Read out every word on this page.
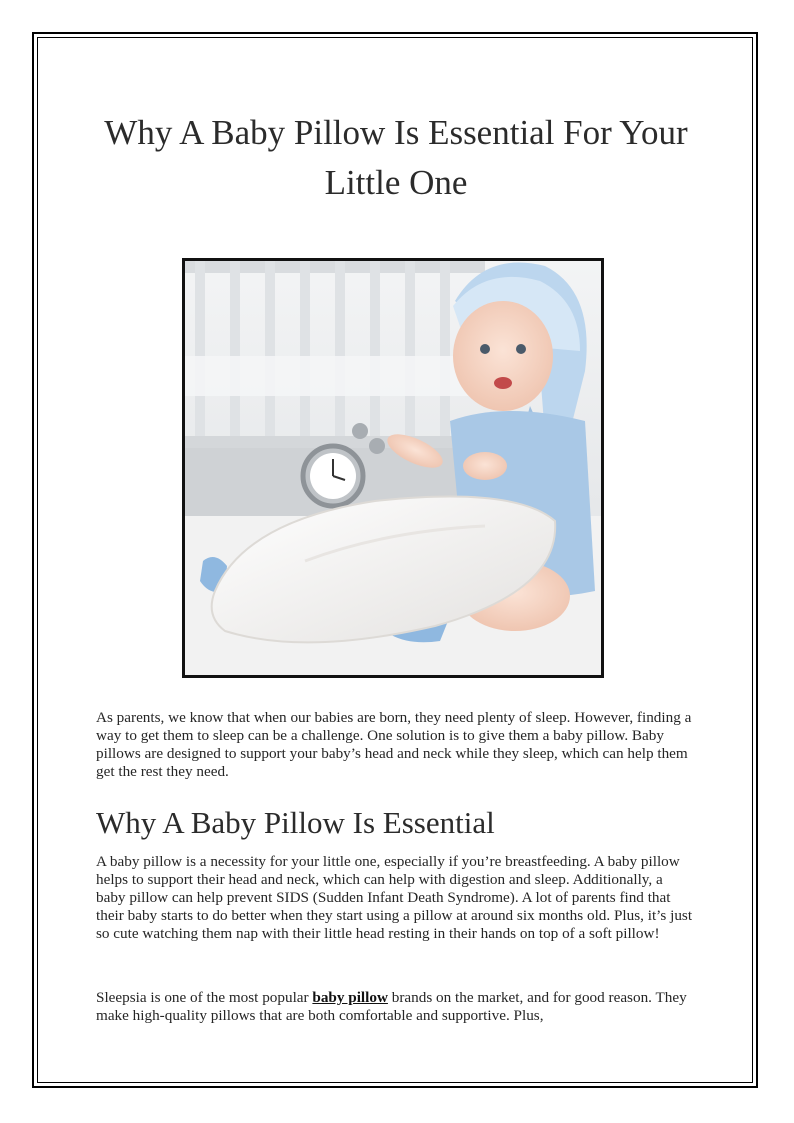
Why A Baby Pillow Is Essential For Your Little One

As parents, we know that when our babies are born, they need plenty of sleep. However, finding a way to get them to sleep can be a challenge. One solution is to give them a baby pillow. Baby pillows are designed to support your baby’s head and neck while they sleep, which can help them get the rest they need.

Why A Baby Pillow Is Essential

A baby pillow is a necessity for your little one, especially if you’re breastfeeding. A baby pillow helps to support their head and neck, which can help with digestion and sleep. Additionally, a baby pillow can help prevent SIDS (Sudden Infant Death Syndrome). A lot of parents find that their baby starts to do better when they start using a pillow at around six months old. Plus, it’s just so cute watching them nap with their little head resting in their hands on top of a soft pillow!

Sleepsia is one of the most popular baby pillow brands on the market, and for good reason. They make high-quality pillows that are both comfortable and supportive. Plus,
